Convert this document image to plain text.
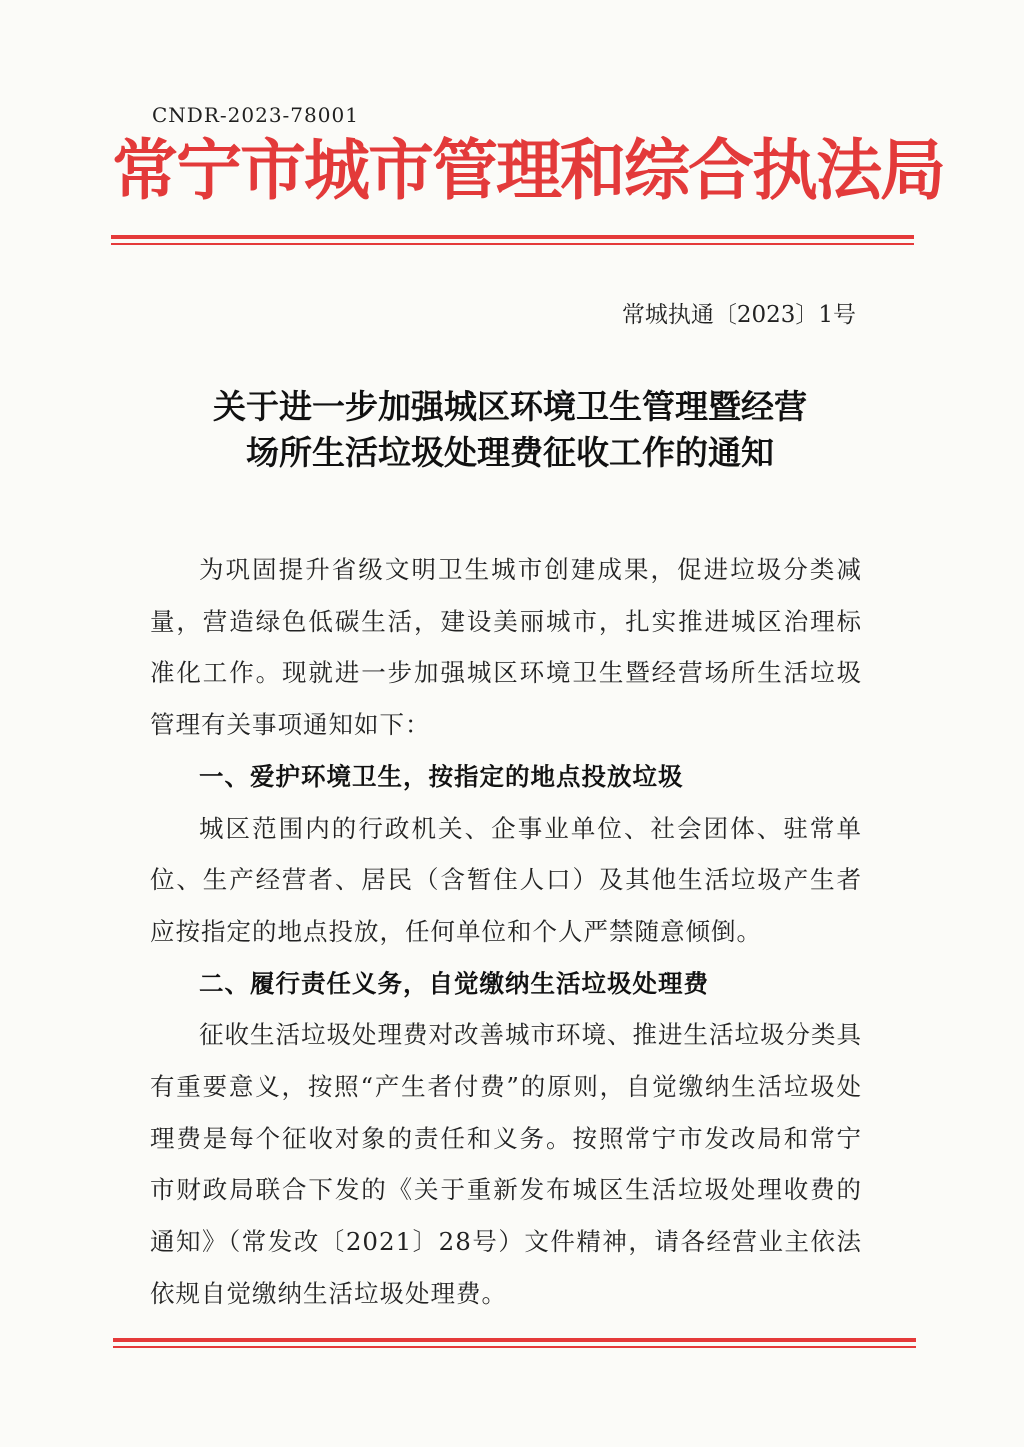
CNDR-2023-78001
常宁市城市管理和综合执法局
常城执通〔2023〕1号
关于进一步加强城区环境卫生管理暨经营
场所生活垃圾处理费征收工作的通知

为巩固提升省级文明卫生城市创建成果，促进垃圾分类减量，营造绿色低碳生活，建设美丽城市，扎实推进城区治理标准化工作。现就进一步加强城区环境卫生暨经营场所生活垃圾管理有关事项通知如下：

一、爱护环境卫生，按指定的地点投放垃圾

城区范围内的行政机关、企事业单位、社会团体、驻常单位、生产经营者、居民（含暂住人口）及其他生活垃圾产生者应按指定的地点投放，任何单位和个人严禁随意倾倒。

二、履行责任义务，自觉缴纳生活垃圾处理费

征收生活垃圾处理费对改善城市环境、推进生活垃圾分类具有重要意义，按照“产生者付费”的原则，自觉缴纳生活垃圾处理费是每个征收对象的责任和义务。按照常宁市发改局和常宁市财政局联合下发的《关于重新发布城区生活垃圾处理收费的通知》（常发改〔2021〕28号）文件精神，请各经营业主依法依规自觉缴纳生活垃圾处理费。
